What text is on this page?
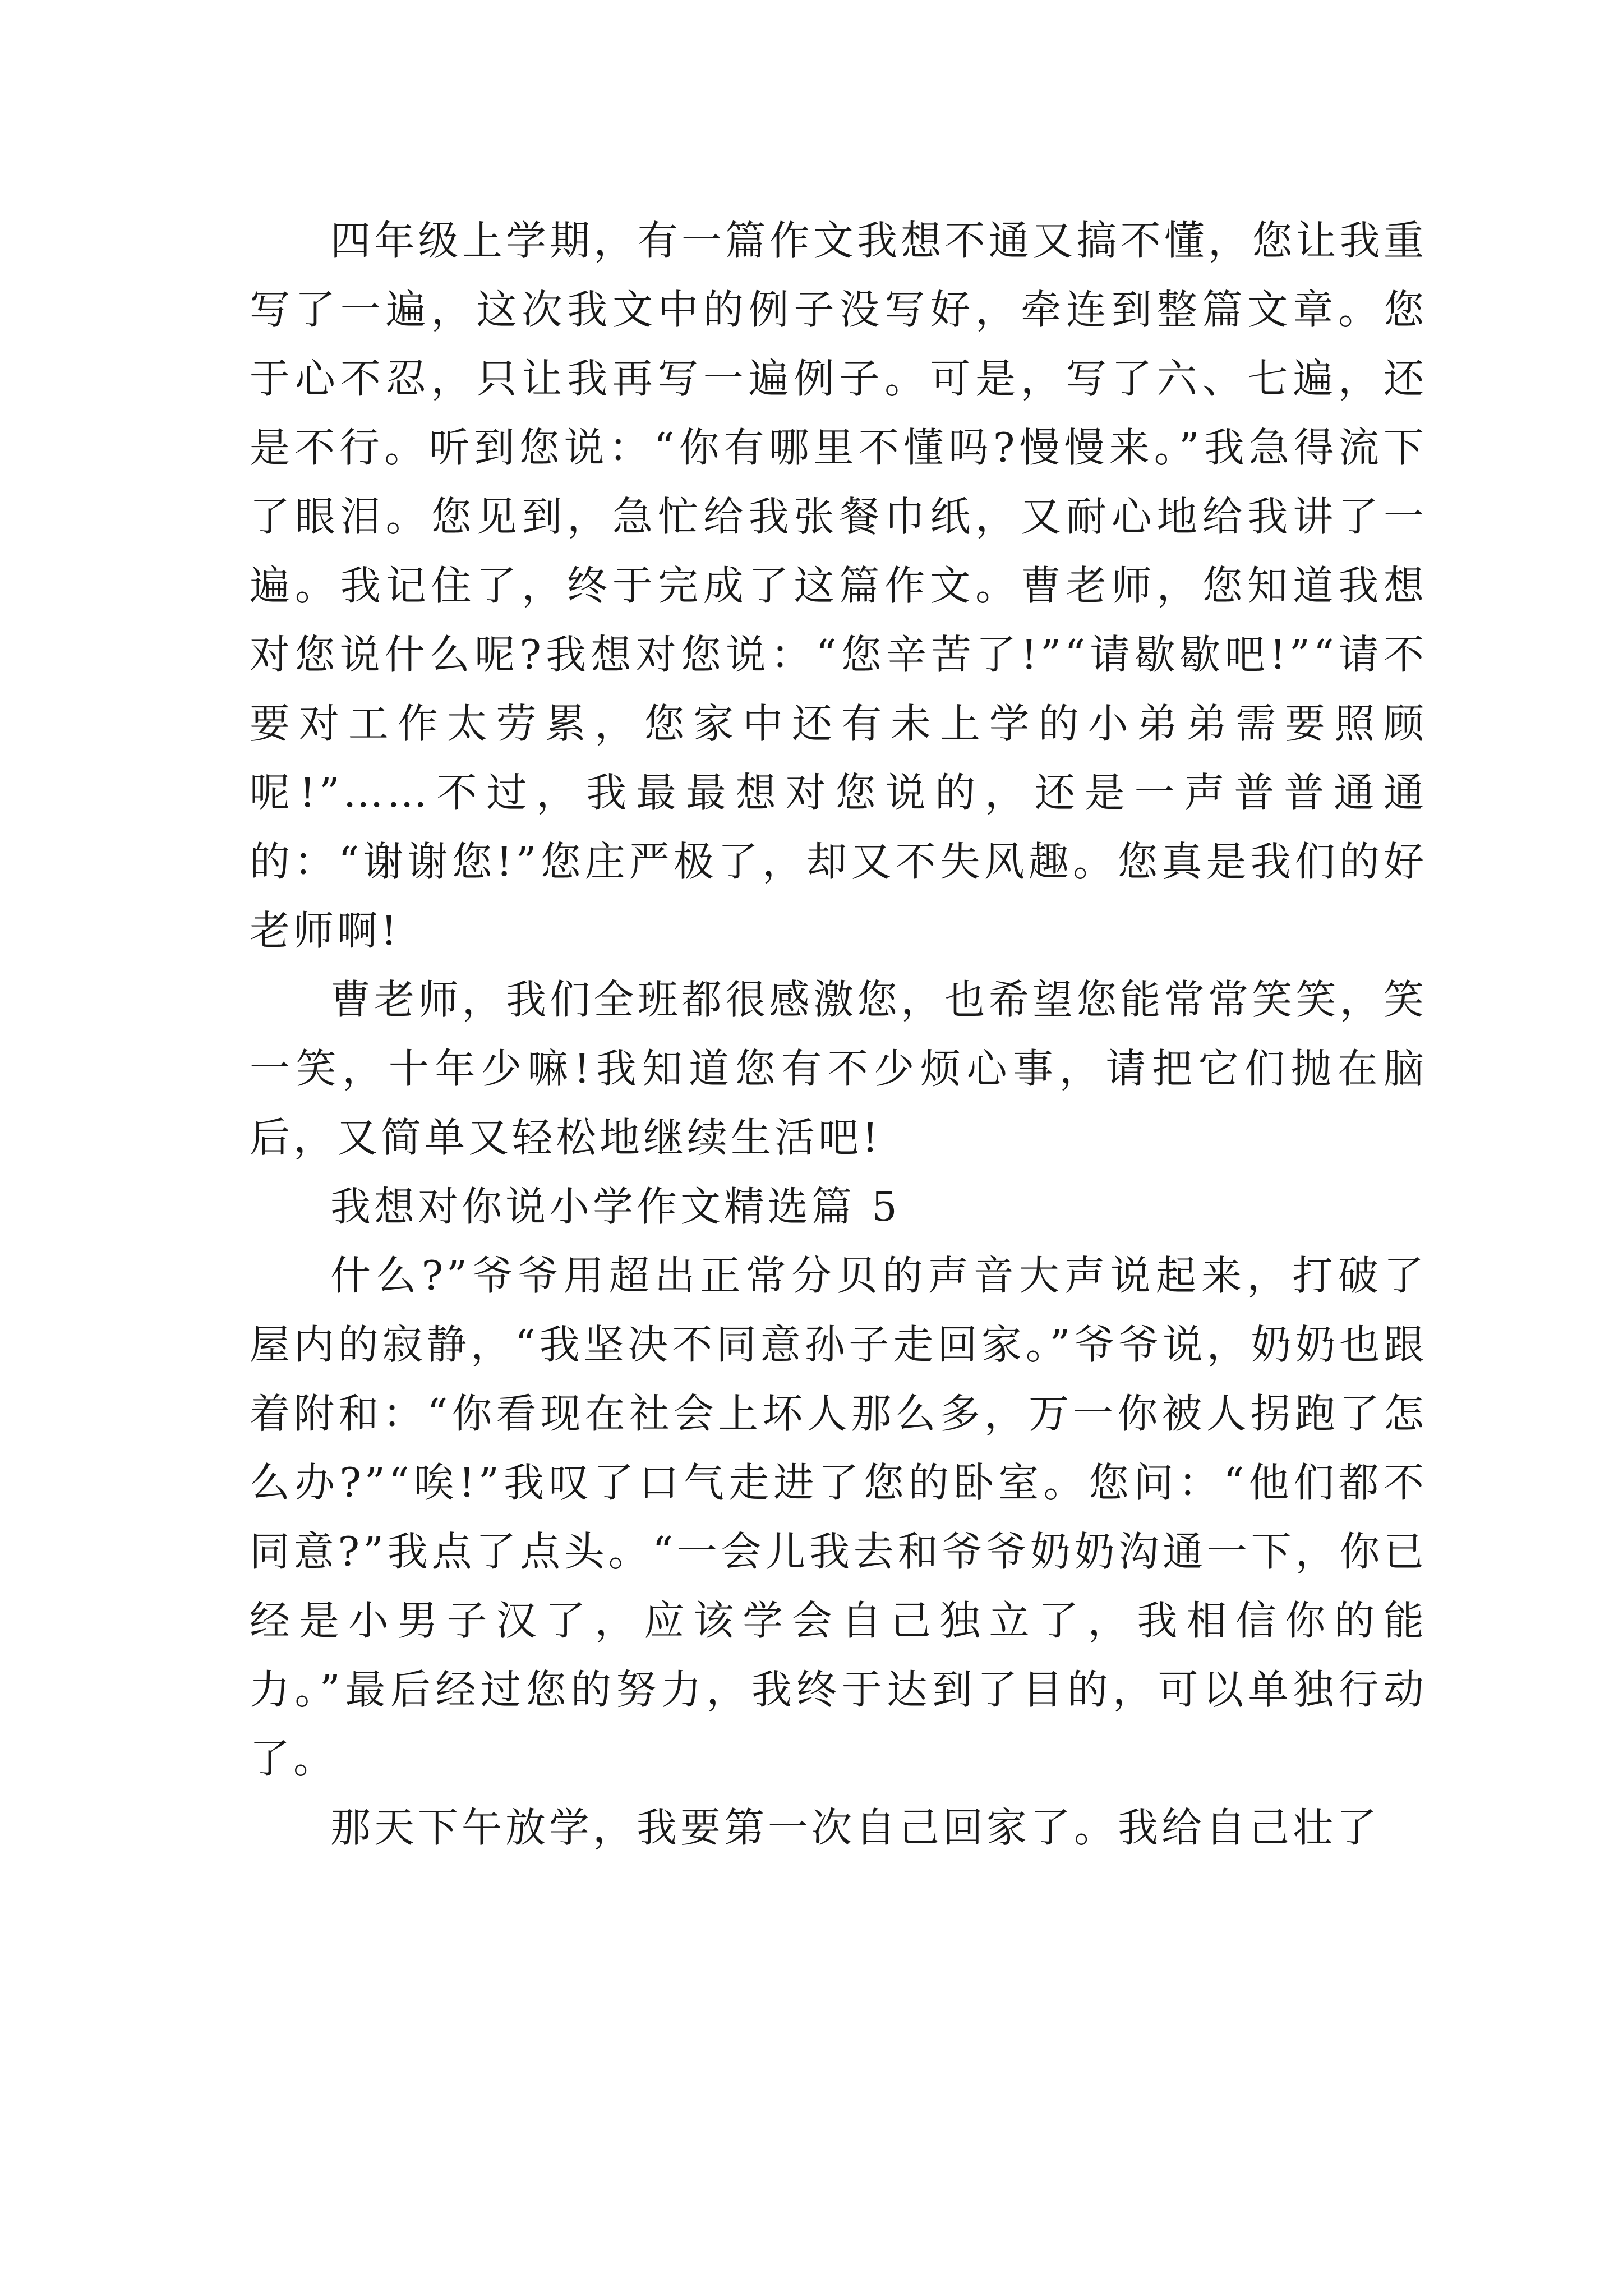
四年级上学期，有一篇作文我想不通又搞不懂，您让我重写了一遍，这次我文中的例子没写好，牵连到整篇文章。您于心不忍，只让我再写一遍例子。可是，写了六、七遍，还是不行。听到您说：“你有哪里不懂吗?慢慢来。”我急得流下了眼泪。您见到，急忙给我张餐巾纸，又耐心地给我讲了一遍。我记住了，终于完成了这篇作文。曹老师，您知道我想对您说什么呢?我想对您说：“您辛苦了!”“请歇歇吧!”“请不要对工作太劳累，您家中还有未上学的小弟弟需要照顾呢!”……不过，我最最想对您说的，还是一声普普通通的：“谢谢您!”您庄严极了，却又不失风趣。您真是我们的好老师啊!

曹老师，我们全班都很感激您，也希望您能常常笑笑，笑一笑，十年少嘛!我知道您有不少烦心事，请把它们抛在脑后，又简单又轻松地继续生活吧!

我想对你说小学作文精选篇 5

什么?”爷爷用超出正常分贝的声音大声说起来，打破了屋内的寂静，“我坚决不同意孙子走回家。”爷爷说，奶奶也跟着附和：“你看现在社会上坏人那么多，万一你被人拐跑了怎么办?”“唉!”我叹了口气走进了您的卧室。您问：“他们都不同意?”我点了点头。“一会儿我去和爷爷奶奶沟通一下，你已经是小男子汉了，应该学会自己独立了，我相信你的能力。”最后经过您的努力，我终于达到了目的，可以单独行动了。

那天下午放学，我要第一次自己回家了。我给自己壮了
